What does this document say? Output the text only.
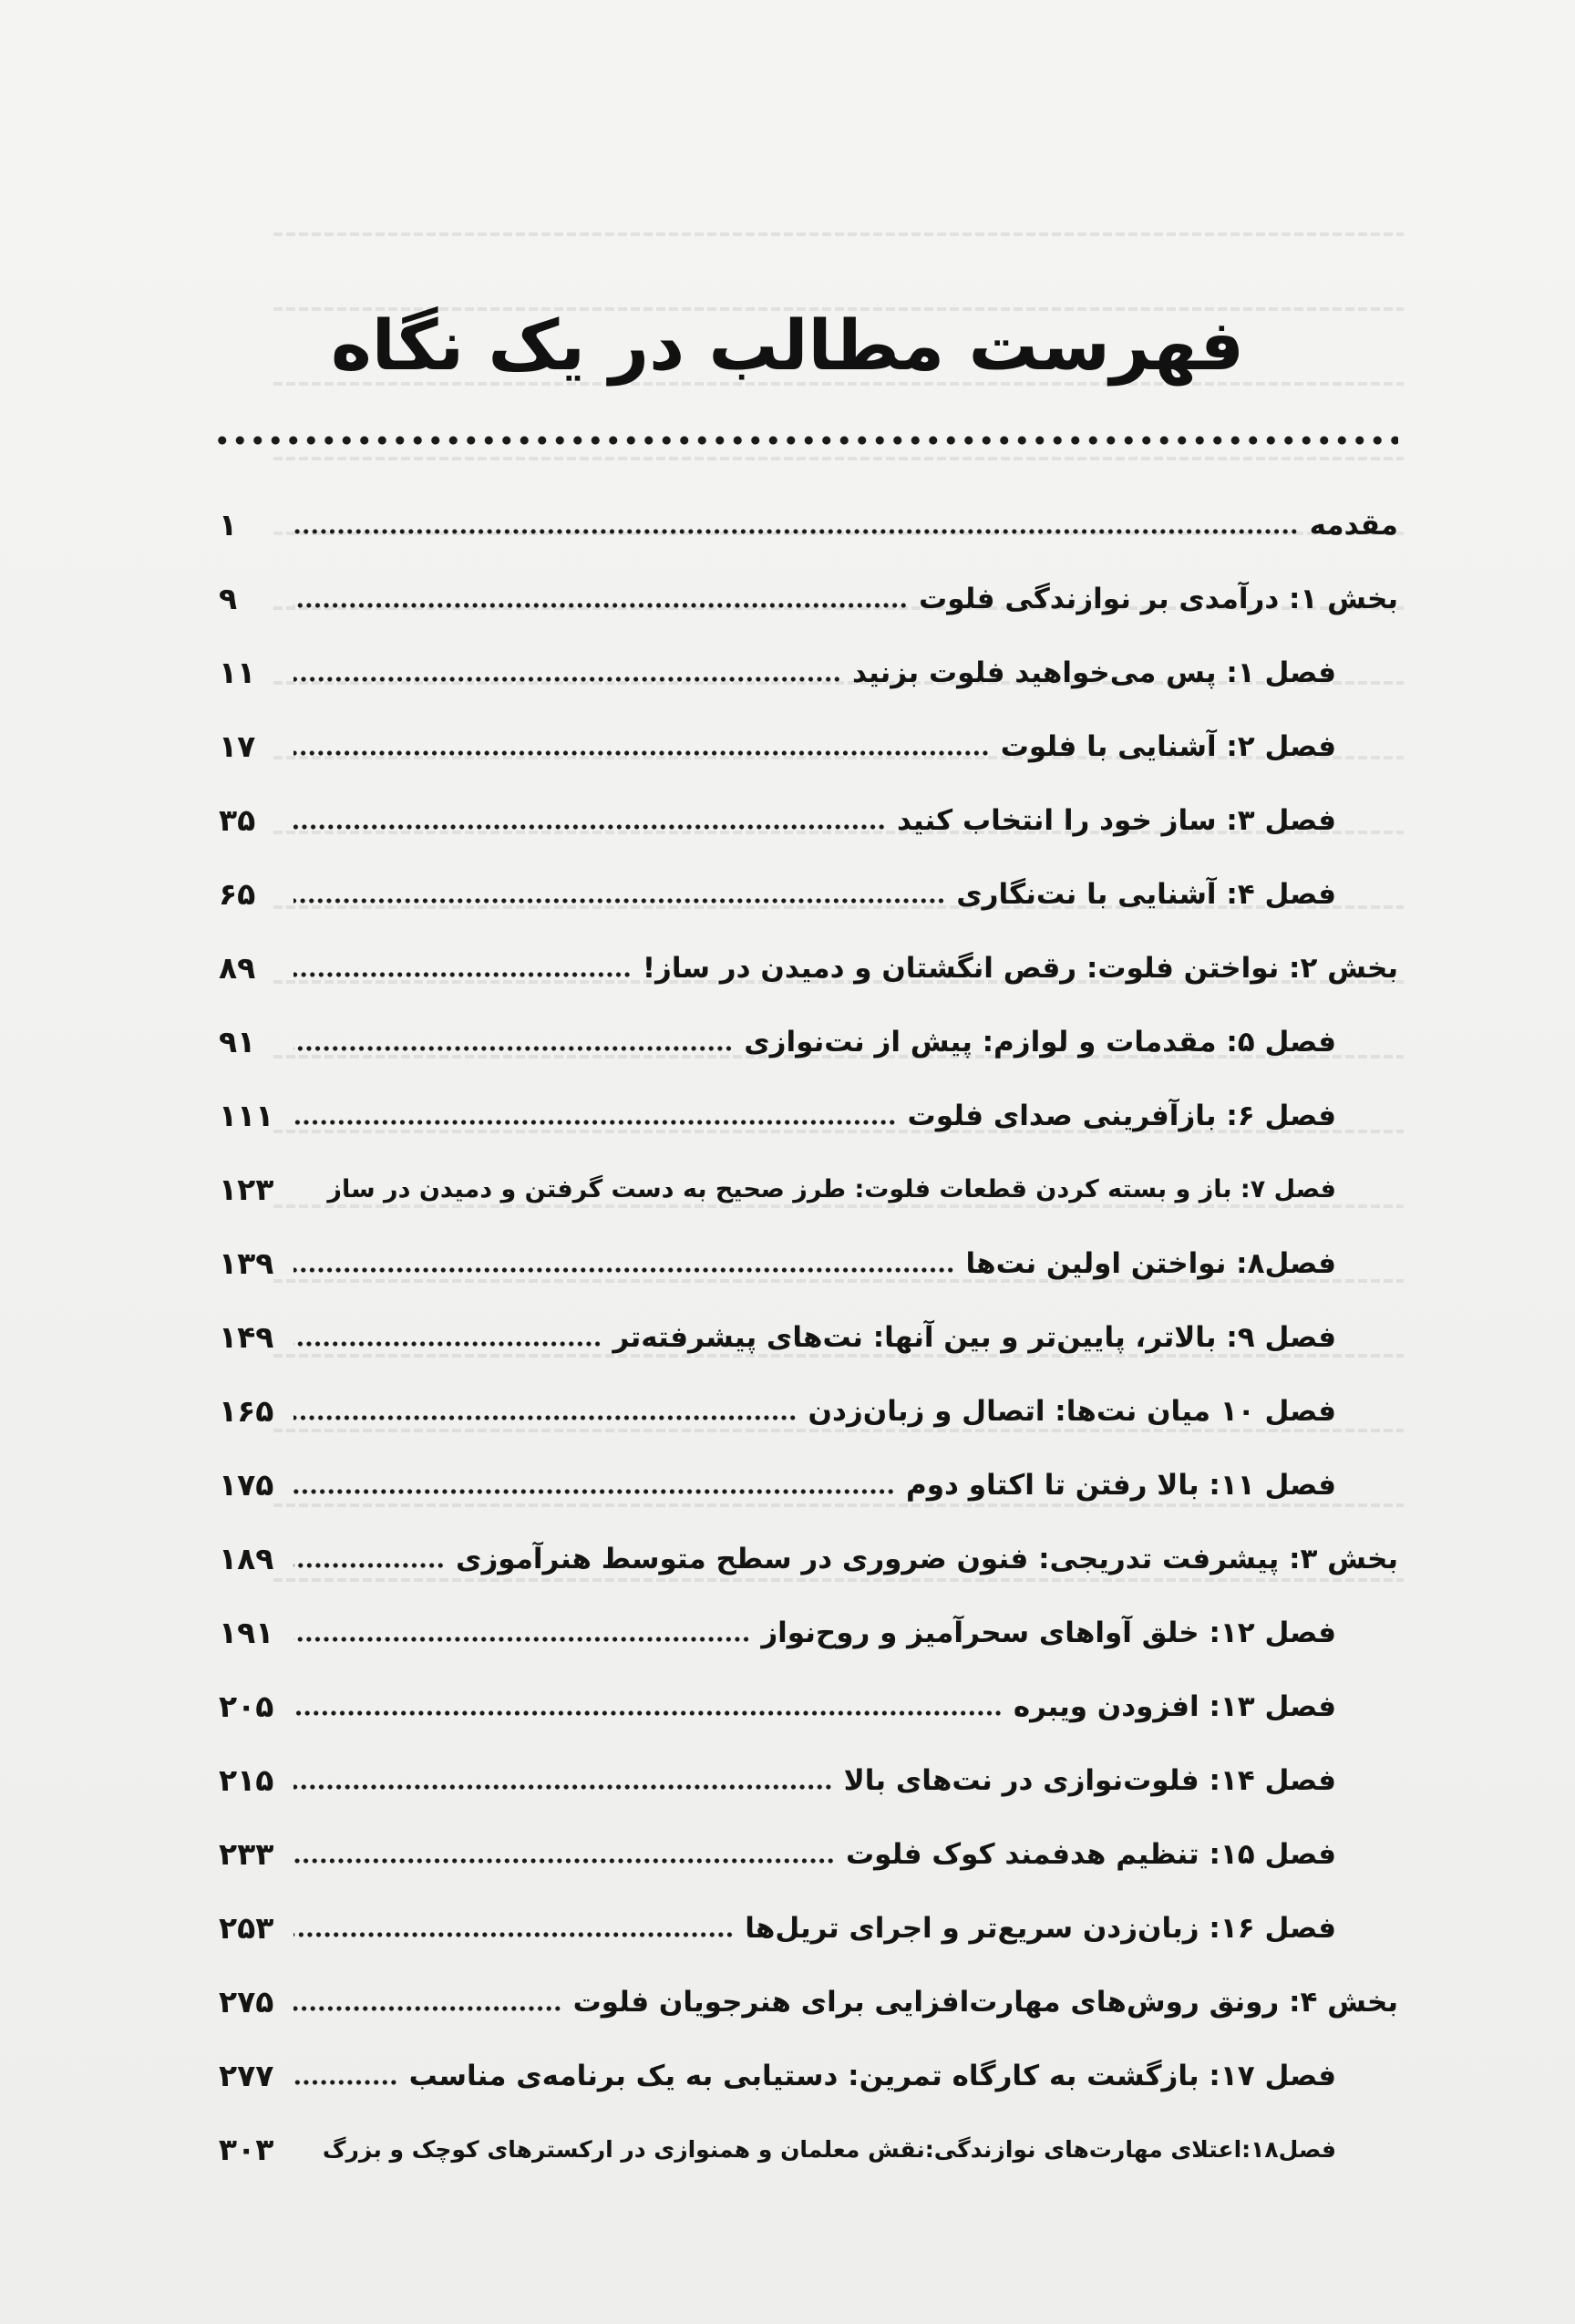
فهرست مطالب در یک نگاه
مقدمه
۱
بخش ۱: درآمدی بر نوازندگی فلوت
۹
فصل ۱: پس می‌خواهید فلوت بزنید
۱۱
فصل ۲: آشنایی با فلوت
۱۷
فصل ۳: ساز خود را انتخاب کنید
۳۵
فصل ۴: آشنایی با نت‌نگاری
۶۵
بخش ۲: نواختن فلوت: رقص انگشتان و دمیدن در ساز!
۸۹
فصل ۵: مقدمات و لوازم: پیش از نت‌نوازی
۹۱
فصل ۶: بازآفرینی صدای فلوت
۱۱۱
فصل ۷: باز و بسته کردن قطعات فلوت: طرز صحیح به دست گرفتن و دمیدن در ساز
۱۲۳
فصل۸: نواختن اولین نت‌ها
۱۳۹
فصل ۹: بالاتر، پایین‌تر و بین آنها: نت‌های پیشرفته‌تر
۱۴۹
فصل ۱۰ میان نت‌ها: اتصال و زبان‌زدن
۱۶۵
فصل ۱۱: بالا رفتن تا اکتاو دوم
۱۷۵
بخش ۳: پیشرفت تدریجی: فنون ضروری در سطح متوسط هنرآموزی
۱۸۹
فصل ۱۲: خلق آواهای سحرآمیز و روح‌نواز
۱۹۱
فصل ۱۳: افزودن ویبره
۲۰۵
فصل ۱۴: فلوت‌نوازی در نت‌های بالا
۲۱۵
فصل ۱۵: تنظیم هدفمند کوک فلوت
۲۳۳
فصل ۱۶: زبان‌زدن سریع‌تر و اجرای تریل‌ها
۲۵۳
بخش ۴: رونق روش‌های مهارت‌افزایی برای هنرجویان فلوت
۲۷۵
فصل ۱۷: بازگشت به کارگاه تمرین: دستیابی به یک برنامه‌ی مناسب
۲۷۷
فصل۱۸:اعتلای مهارت‌های نوازندگی:نقش معلمان و همنوازی در ارکسترهای کوچک و بزرگ
۳۰۳
